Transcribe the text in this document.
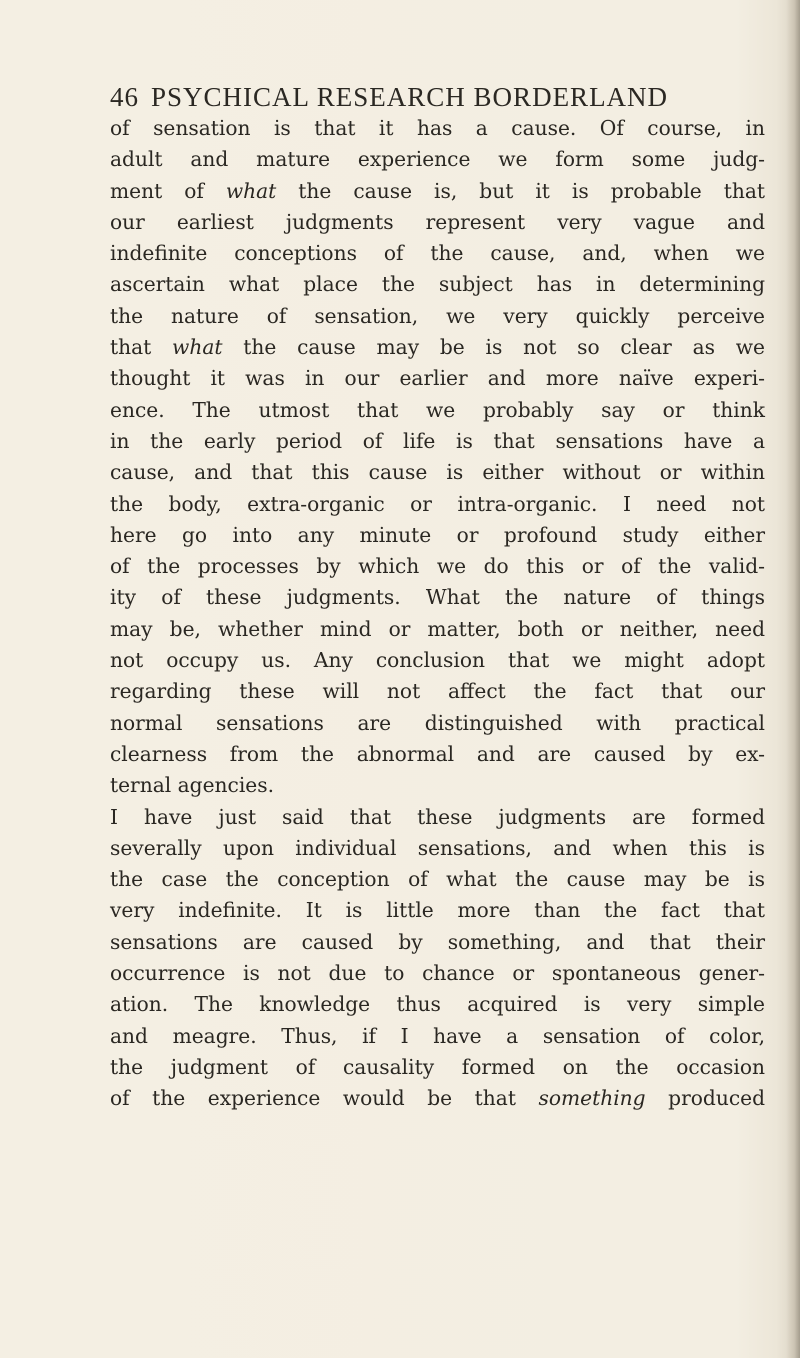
46 PSYCHICAL RESEARCH BORDERLAND
of sensation is that it has a cause. Of course, in
adult and mature experience we form some judg-
ment of what the cause is, but it is probable that
our earliest judgments represent very vague and
indefinite conceptions of the cause, and, when we
ascertain what place the subject has in determining
the nature of sensation, we very quickly perceive
that what the cause may be is not so clear as we
thought it was in our earlier and more naïve experi-
ence. The utmost that we probably say or think
in the early period of life is that sensations have a
cause, and that this cause is either without or within
the body, extra-organic or intra-organic. I need not
here go into any minute or profound study either
of the processes by which we do this or of the valid-
ity of these judgments. What the nature of things
may be, whether mind or matter, both or neither, need
not occupy us. Any conclusion that we might adopt
regarding these will not affect the fact that our
normal sensations are distinguished with practical
clearness from the abnormal and are caused by ex-
ternal agencies.
I have just said that these judgments are formed
severally upon individual sensations, and when this is
the case the conception of what the cause may be is
very indefinite. It is little more than the fact that
sensations are caused by something, and that their
occurrence is not due to chance or spontaneous gener-
ation. The knowledge thus acquired is very simple
and meagre. Thus, if I have a sensation of color,
the judgment of causality formed on the occasion
of the experience would be that something produced
